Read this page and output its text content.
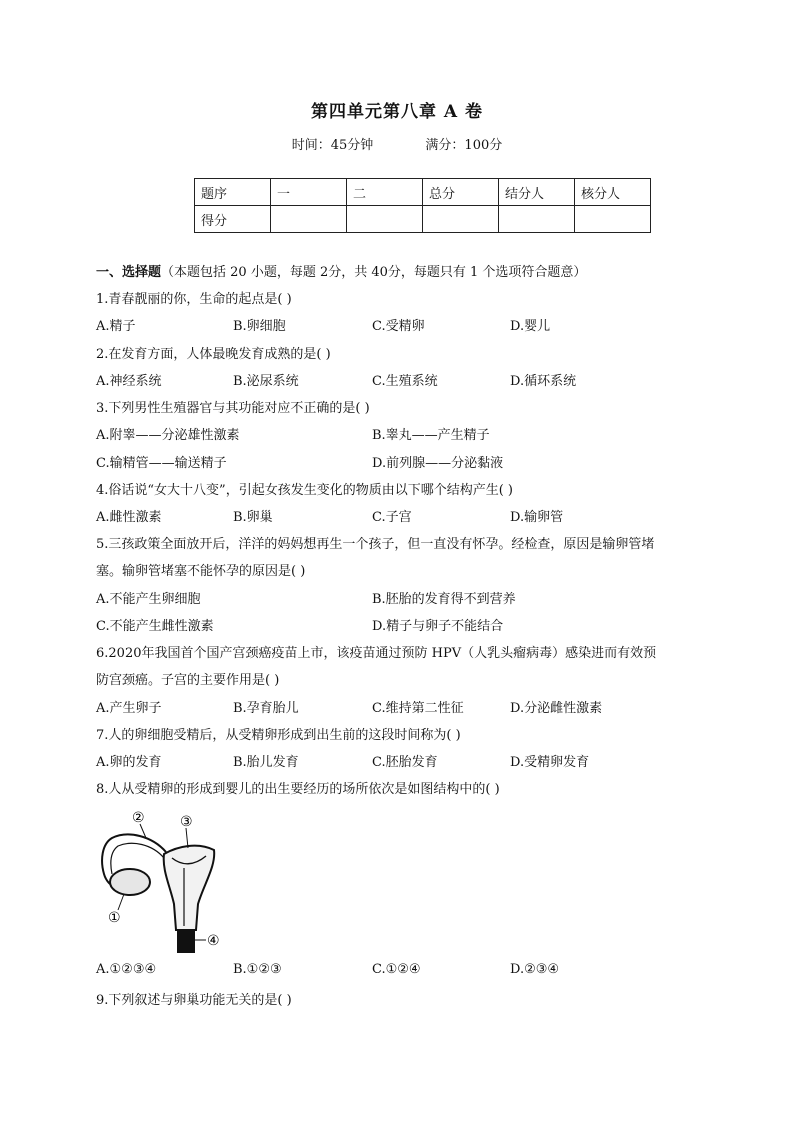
第四单元第八章 A 卷
时间：45分钟	满分：100分
题序	一	二	总分	结分人	核分人
得分					
一、选择题（本题包括 20 小题，每题 2分，共 40分，每题只有 1 个选项符合题意）
1.青春靓丽的你，生命的起点是( )
A.精子	B.卵细胞	C.受精卵	D.婴儿
2.在发育方面，人体最晚发育成熟的是( )
A.神经系统	B.泌尿系统	C.生殖系统	D.循环系统
3.下列男性生殖器官与其功能对应不正确的是( )
A.附睾——分泌雄性激素	B.睾丸——产生精子
C.输精管——输送精子	D.前列腺——分泌黏液
4.俗话说“女大十八变”，引起女孩发生变化的物质由以下哪个结构产生( )
A.雌性激素	B.卵巢	C.子宫	D.输卵管
5.三孩政策全面放开后，洋洋的妈妈想再生一个孩子，但一直没有怀孕。经检查，原因是输卵管堵
塞。输卵管堵塞不能怀孕的原因是( )
A.不能产生卵细胞	B.胚胎的发育得不到营养
C.不能产生雌性激素	D.精子与卵子不能结合
6.2020年我国首个国产宫颈癌疫苗上市，该疫苗通过预防 HPV（人乳头瘤病毒）感染进而有效预
防宫颈癌。子宫的主要作用是( )
A.产生卵子	B.孕育胎儿	C.维持第二性征	D.分泌雌性激素
7.人的卵细胞受精后，从受精卵形成到出生前的这段时间称为( )
A.卵的发育	B.胎儿发育	C.胚胎发育	D.受精卵发育
8.人从受精卵的形成到婴儿的出生要经历的场所依次是如图结构中的( )
①
②	③
④
A.①②③④	B.①②③	C.①②④	D.②③④
9.下列叙述与卵巢功能无关的是( )
